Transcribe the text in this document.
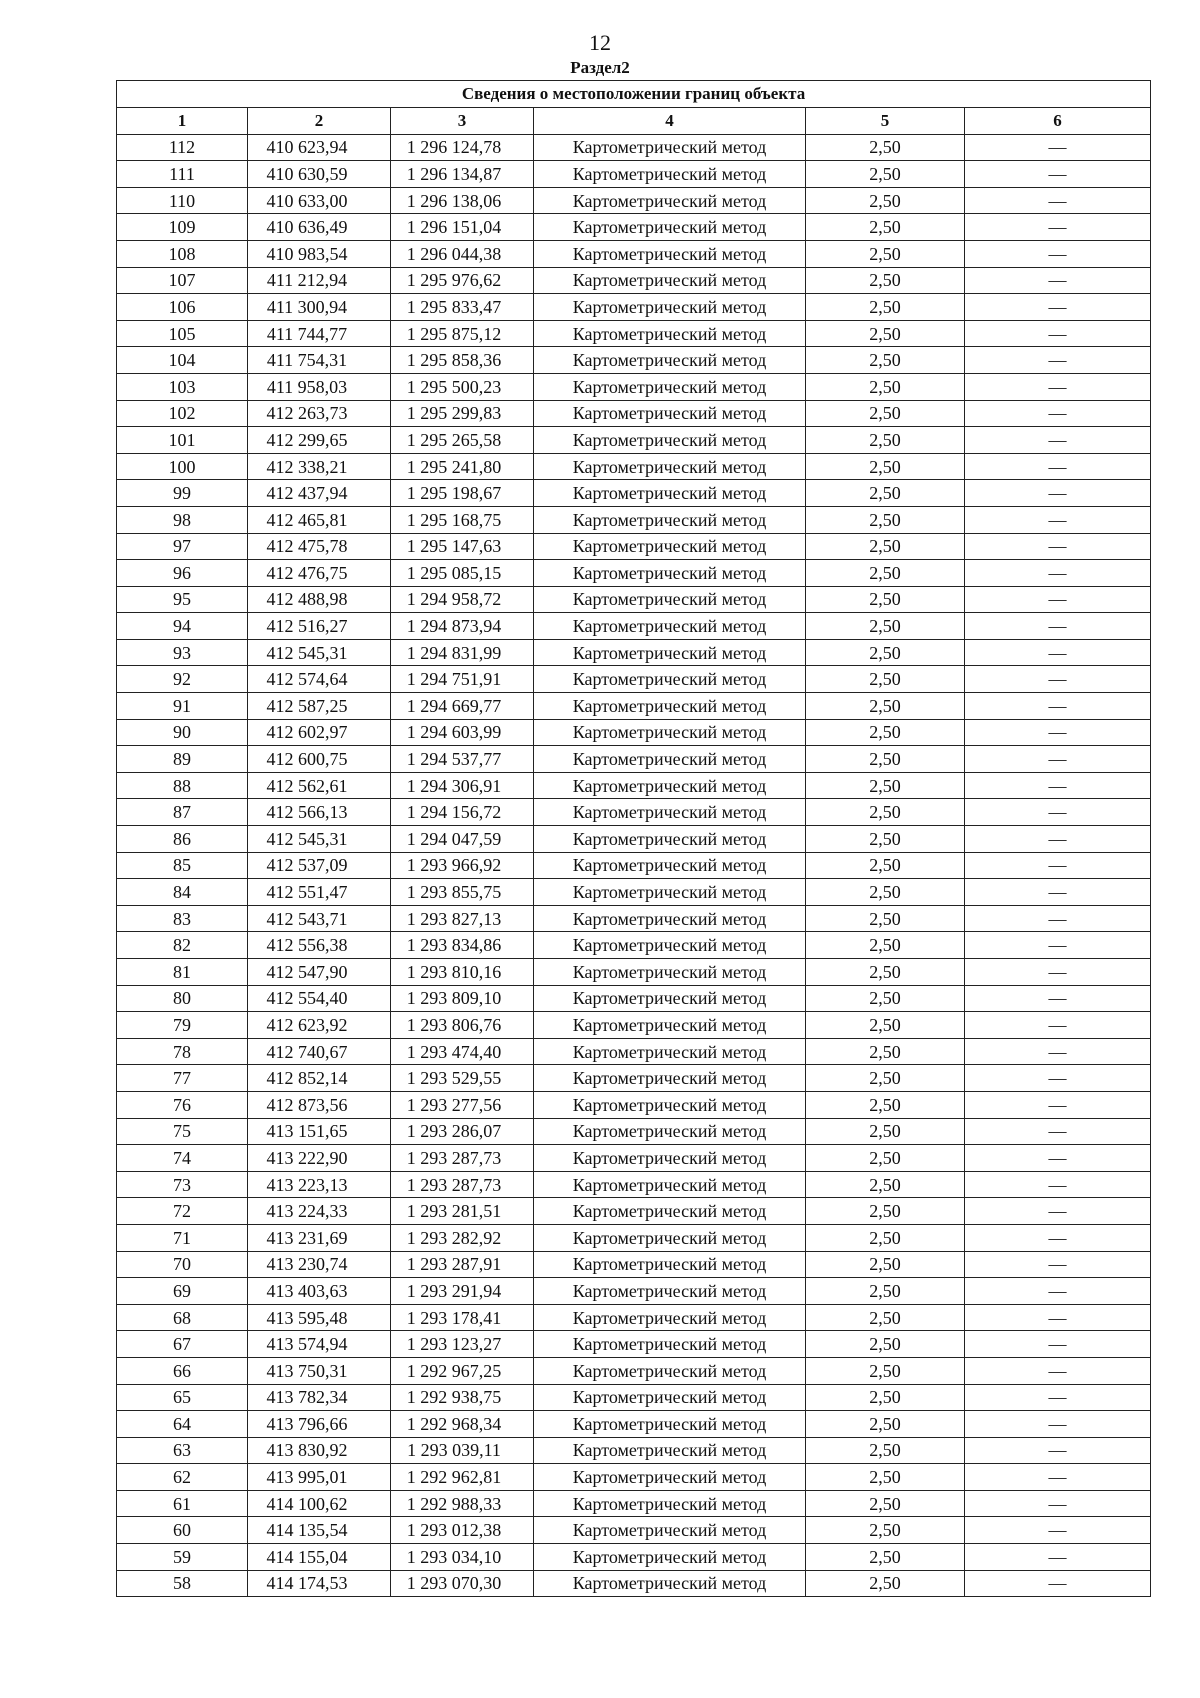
12
Раздел2
Сведения о местоположении границ объекта					
1	2	3	4	5	6
112	410 623,94	1 296 124,78	Картометрический метод	2,50	—
111	410 630,59	1 296 134,87	Картометрический метод	2,50	—
110	410 633,00	1 296 138,06	Картометрический метод	2,50	—
109	410 636,49	1 296 151,04	Картометрический метод	2,50	—
108	410 983,54	1 296 044,38	Картометрический метод	2,50	—
107	411 212,94	1 295 976,62	Картометрический метод	2,50	—
106	411 300,94	1 295 833,47	Картометрический метод	2,50	—
105	411 744,77	1 295 875,12	Картометрический метод	2,50	—
104	411 754,31	1 295 858,36	Картометрический метод	2,50	—
103	411 958,03	1 295 500,23	Картометрический метод	2,50	—
102	412 263,73	1 295 299,83	Картометрический метод	2,50	—
101	412 299,65	1 295 265,58	Картометрический метод	2,50	—
100	412 338,21	1 295 241,80	Картометрический метод	2,50	—
99	412 437,94	1 295 198,67	Картометрический метод	2,50	—
98	412 465,81	1 295 168,75	Картометрический метод	2,50	—
97	412 475,78	1 295 147,63	Картометрический метод	2,50	—
96	412 476,75	1 295 085,15	Картометрический метод	2,50	—
95	412 488,98	1 294 958,72	Картометрический метод	2,50	—
94	412 516,27	1 294 873,94	Картометрический метод	2,50	—
93	412 545,31	1 294 831,99	Картометрический метод	2,50	—
92	412 574,64	1 294 751,91	Картометрический метод	2,50	—
91	412 587,25	1 294 669,77	Картометрический метод	2,50	—
90	412 602,97	1 294 603,99	Картометрический метод	2,50	—
89	412 600,75	1 294 537,77	Картометрический метод	2,50	—
88	412 562,61	1 294 306,91	Картометрический метод	2,50	—
87	412 566,13	1 294 156,72	Картометрический метод	2,50	—
86	412 545,31	1 294 047,59	Картометрический метод	2,50	—
85	412 537,09	1 293 966,92	Картометрический метод	2,50	—
84	412 551,47	1 293 855,75	Картометрический метод	2,50	—
83	412 543,71	1 293 827,13	Картометрический метод	2,50	—
82	412 556,38	1 293 834,86	Картометрический метод	2,50	—
81	412 547,90	1 293 810,16	Картометрический метод	2,50	—
80	412 554,40	1 293 809,10	Картометрический метод	2,50	—
79	412 623,92	1 293 806,76	Картометрический метод	2,50	—
78	412 740,67	1 293 474,40	Картометрический метод	2,50	—
77	412 852,14	1 293 529,55	Картометрический метод	2,50	—
76	412 873,56	1 293 277,56	Картометрический метод	2,50	—
75	413 151,65	1 293 286,07	Картометрический метод	2,50	—
74	413 222,90	1 293 287,73	Картометрический метод	2,50	—
73	413 223,13	1 293 287,73	Картометрический метод	2,50	—
72	413 224,33	1 293 281,51	Картометрический метод	2,50	—
71	413 231,69	1 293 282,92	Картометрический метод	2,50	—
70	413 230,74	1 293 287,91	Картометрический метод	2,50	—
69	413 403,63	1 293 291,94	Картометрический метод	2,50	—
68	413 595,48	1 293 178,41	Картометрический метод	2,50	—
67	413 574,94	1 293 123,27	Картометрический метод	2,50	—
66	413 750,31	1 292 967,25	Картометрический метод	2,50	—
65	413 782,34	1 292 938,75	Картометрический метод	2,50	—
64	413 796,66	1 292 968,34	Картометрический метод	2,50	—
63	413 830,92	1 293 039,11	Картометрический метод	2,50	—
62	413 995,01	1 292 962,81	Картометрический метод	2,50	—
61	414 100,62	1 292 988,33	Картометрический метод	2,50	—
60	414 135,54	1 293 012,38	Картометрический метод	2,50	—
59	414 155,04	1 293 034,10	Картометрический метод	2,50	—
58	414 174,53	1 293 070,30	Картометрический метод	2,50	—
